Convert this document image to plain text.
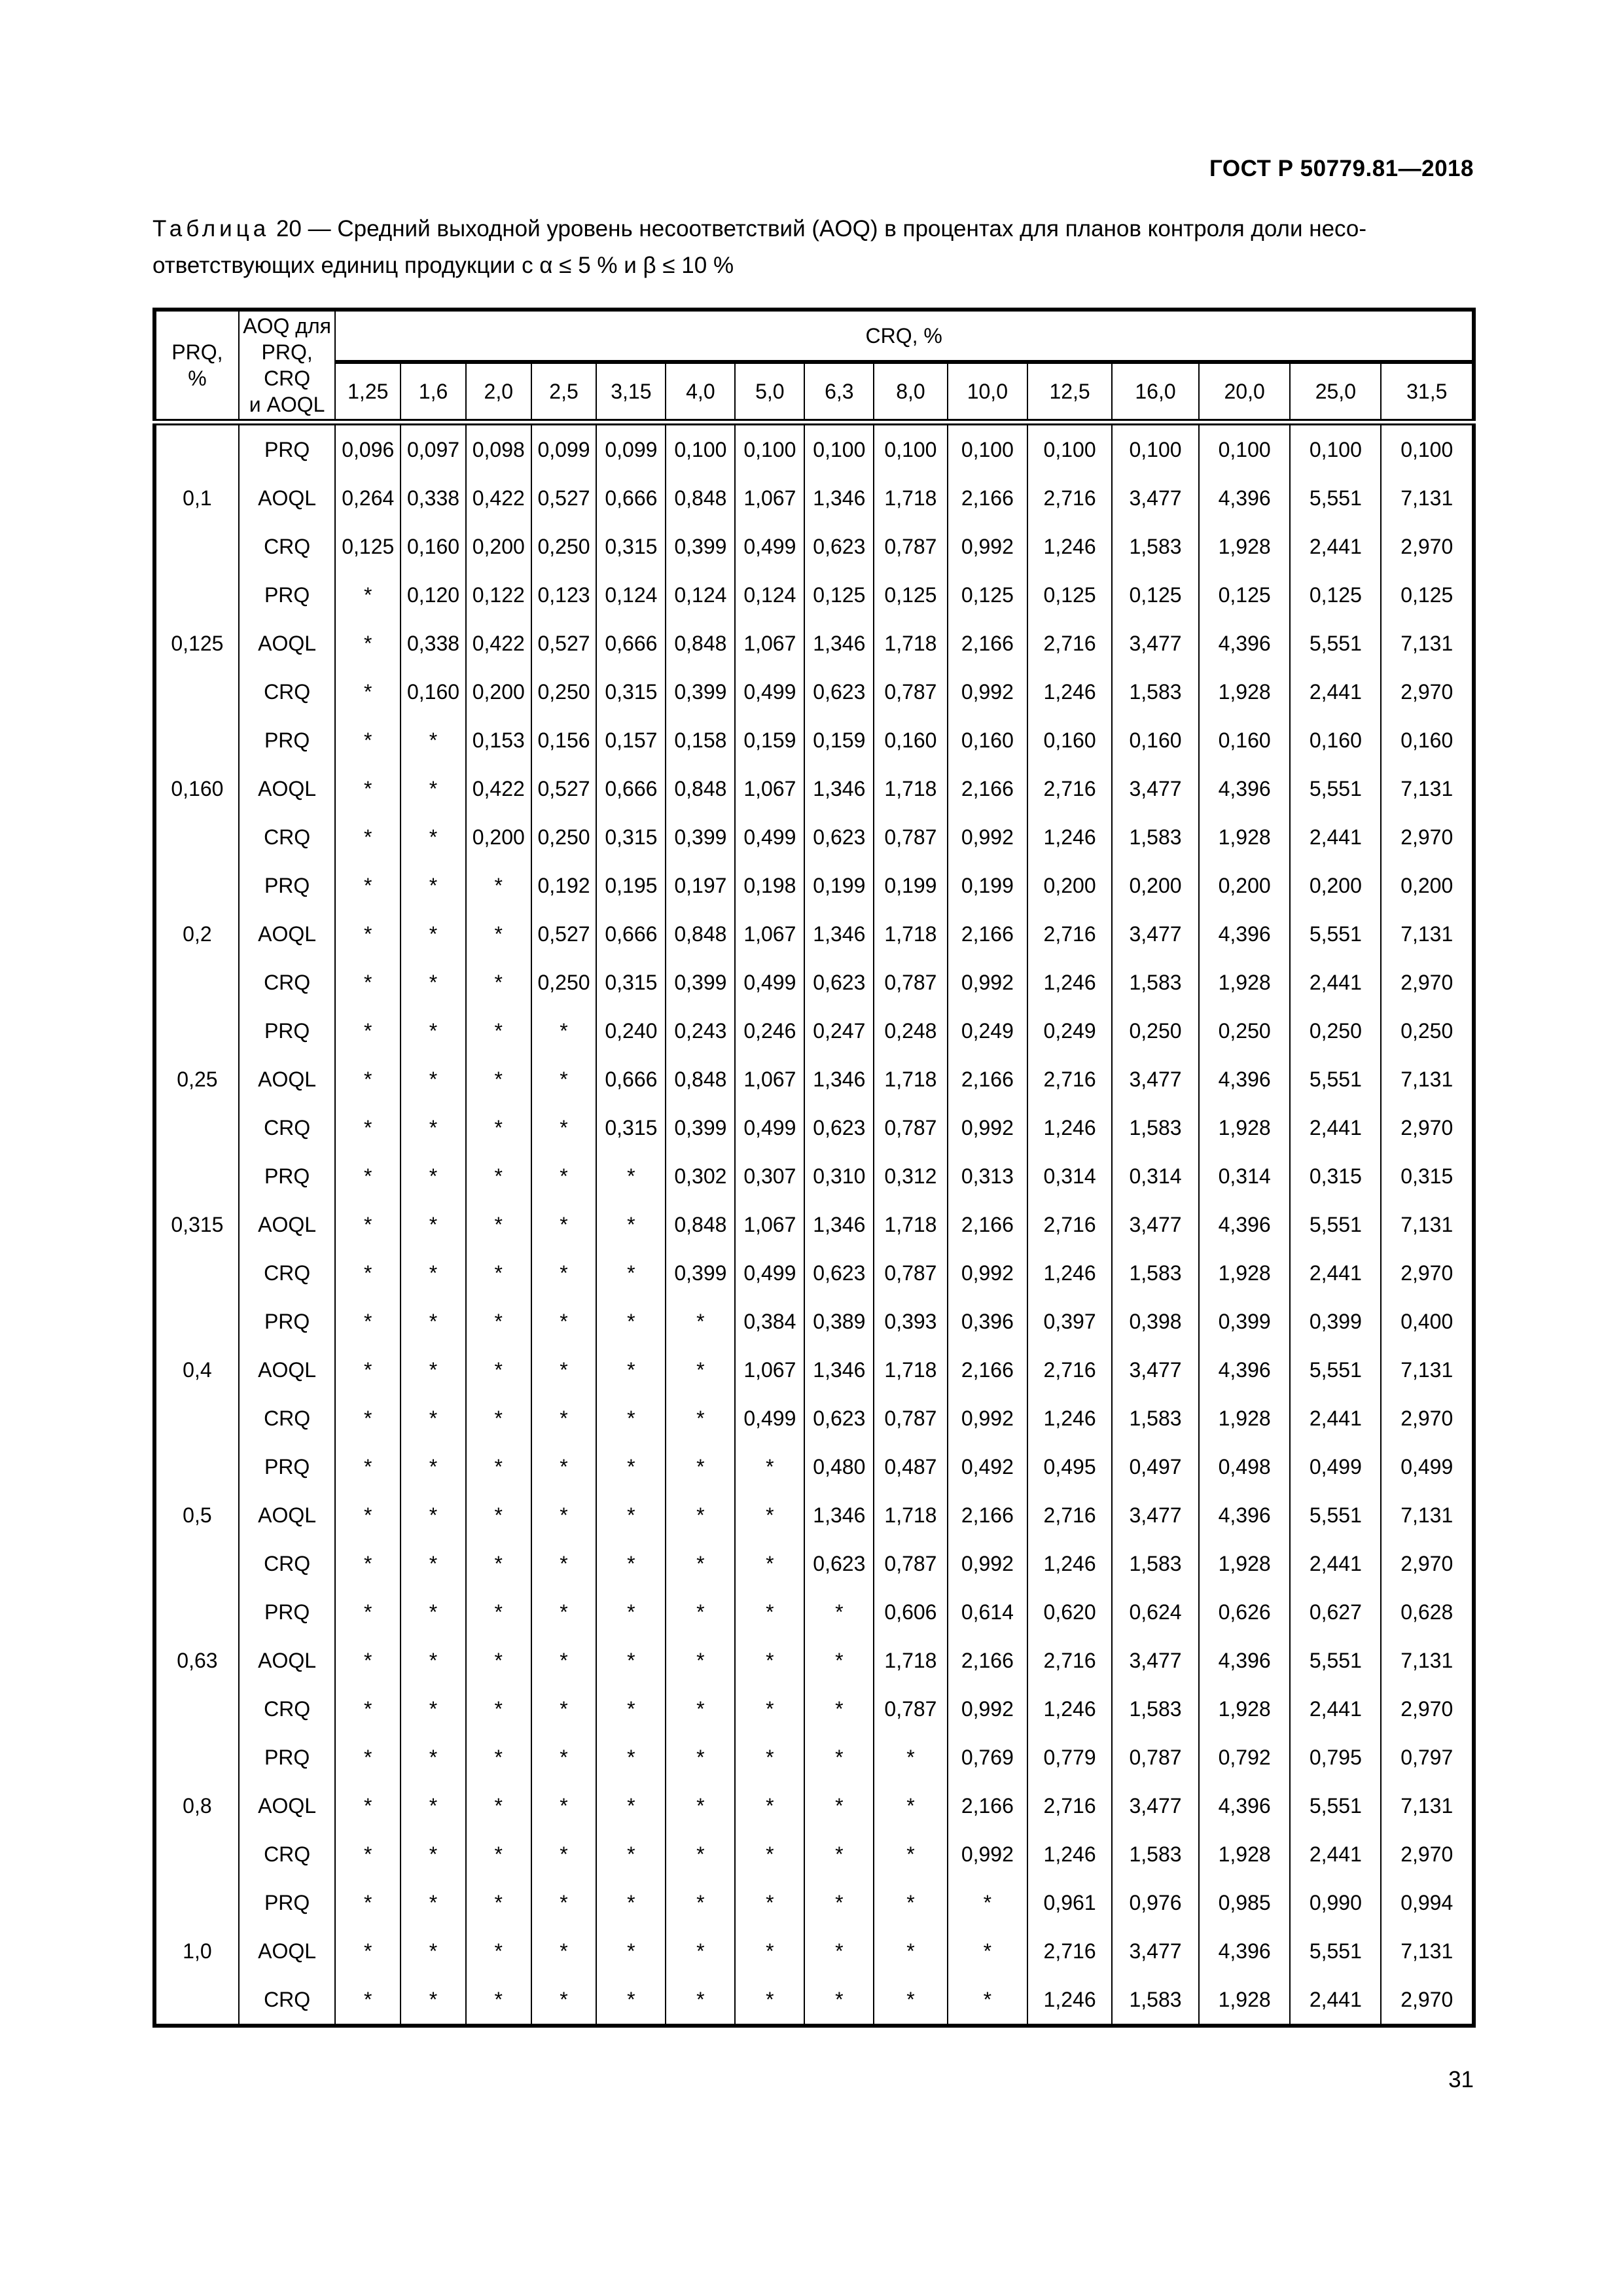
ГОСТ Р 50779.81—2018
Таблица 20 — Средний выходной уровень несоответствий (AOQ) в процентах для планов контроля доли несо-
ответствующих единиц продукции с α ≤ 5 % и β ≤ 10 %
PRQ,
%	AOQ для
PRQ, CRQ
и AOQL	CRQ, %														
		1,25	1,6	2,0	2,5	3,15	4,0	5,0	6,3	8,0	10,0	12,5	16,0	20,0	25,0	31,5
0,1	PRQ	0,096	0,097	0,098	0,099	0,099	0,100	0,100	0,100	0,100	0,100	0,100	0,100	0,100	0,100	0,100
	AOQL	0,264	0,338	0,422	0,527	0,666	0,848	1,067	1,346	1,718	2,166	2,716	3,477	4,396	5,551	7,131
	CRQ	0,125	0,160	0,200	0,250	0,315	0,399	0,499	0,623	0,787	0,992	1,246	1,583	1,928	2,441	2,970
0,125	PRQ	*	0,120	0,122	0,123	0,124	0,124	0,124	0,125	0,125	0,125	0,125	0,125	0,125	0,125	0,125
	AOQL	*	0,338	0,422	0,527	0,666	0,848	1,067	1,346	1,718	2,166	2,716	3,477	4,396	5,551	7,131
	CRQ	*	0,160	0,200	0,250	0,315	0,399	0,499	0,623	0,787	0,992	1,246	1,583	1,928	2,441	2,970
0,160	PRQ	*	*	0,153	0,156	0,157	0,158	0,159	0,159	0,160	0,160	0,160	0,160	0,160	0,160	0,160
	AOQL	*	*	0,422	0,527	0,666	0,848	1,067	1,346	1,718	2,166	2,716	3,477	4,396	5,551	7,131
	CRQ	*	*	0,200	0,250	0,315	0,399	0,499	0,623	0,787	0,992	1,246	1,583	1,928	2,441	2,970
0,2	PRQ	*	*	*	0,192	0,195	0,197	0,198	0,199	0,199	0,199	0,200	0,200	0,200	0,200	0,200
	AOQL	*	*	*	0,527	0,666	0,848	1,067	1,346	1,718	2,166	2,716	3,477	4,396	5,551	7,131
	CRQ	*	*	*	0,250	0,315	0,399	0,499	0,623	0,787	0,992	1,246	1,583	1,928	2,441	2,970
0,25	PRQ	*	*	*	*	0,240	0,243	0,246	0,247	0,248	0,249	0,249	0,250	0,250	0,250	0,250
	AOQL	*	*	*	*	0,666	0,848	1,067	1,346	1,718	2,166	2,716	3,477	4,396	5,551	7,131
	CRQ	*	*	*	*	0,315	0,399	0,499	0,623	0,787	0,992	1,246	1,583	1,928	2,441	2,970
0,315	PRQ	*	*	*	*	*	0,302	0,307	0,310	0,312	0,313	0,314	0,314	0,314	0,315	0,315
	AOQL	*	*	*	*	*	0,848	1,067	1,346	1,718	2,166	2,716	3,477	4,396	5,551	7,131
	CRQ	*	*	*	*	*	0,399	0,499	0,623	0,787	0,992	1,246	1,583	1,928	2,441	2,970
0,4	PRQ	*	*	*	*	*	*	0,384	0,389	0,393	0,396	0,397	0,398	0,399	0,399	0,400
	AOQL	*	*	*	*	*	*	1,067	1,346	1,718	2,166	2,716	3,477	4,396	5,551	7,131
	CRQ	*	*	*	*	*	*	0,499	0,623	0,787	0,992	1,246	1,583	1,928	2,441	2,970
0,5	PRQ	*	*	*	*	*	*	*	0,480	0,487	0,492	0,495	0,497	0,498	0,499	0,499
	AOQL	*	*	*	*	*	*	*	1,346	1,718	2,166	2,716	3,477	4,396	5,551	7,131
	CRQ	*	*	*	*	*	*	*	0,623	0,787	0,992	1,246	1,583	1,928	2,441	2,970
0,63	PRQ	*	*	*	*	*	*	*	*	0,606	0,614	0,620	0,624	0,626	0,627	0,628
	AOQL	*	*	*	*	*	*	*	*	1,718	2,166	2,716	3,477	4,396	5,551	7,131
	CRQ	*	*	*	*	*	*	*	*	0,787	0,992	1,246	1,583	1,928	2,441	2,970
0,8	PRQ	*	*	*	*	*	*	*	*	*	0,769	0,779	0,787	0,792	0,795	0,797
	AOQL	*	*	*	*	*	*	*	*	*	2,166	2,716	3,477	4,396	5,551	7,131
	CRQ	*	*	*	*	*	*	*	*	*	0,992	1,246	1,583	1,928	2,441	2,970
1,0	PRQ	*	*	*	*	*	*	*	*	*	*	0,961	0,976	0,985	0,990	0,994
	AOQL	*	*	*	*	*	*	*	*	*	*	2,716	3,477	4,396	5,551	7,131
	CRQ	*	*	*	*	*	*	*	*	*	*	1,246	1,583	1,928	2,441	2,970
31
